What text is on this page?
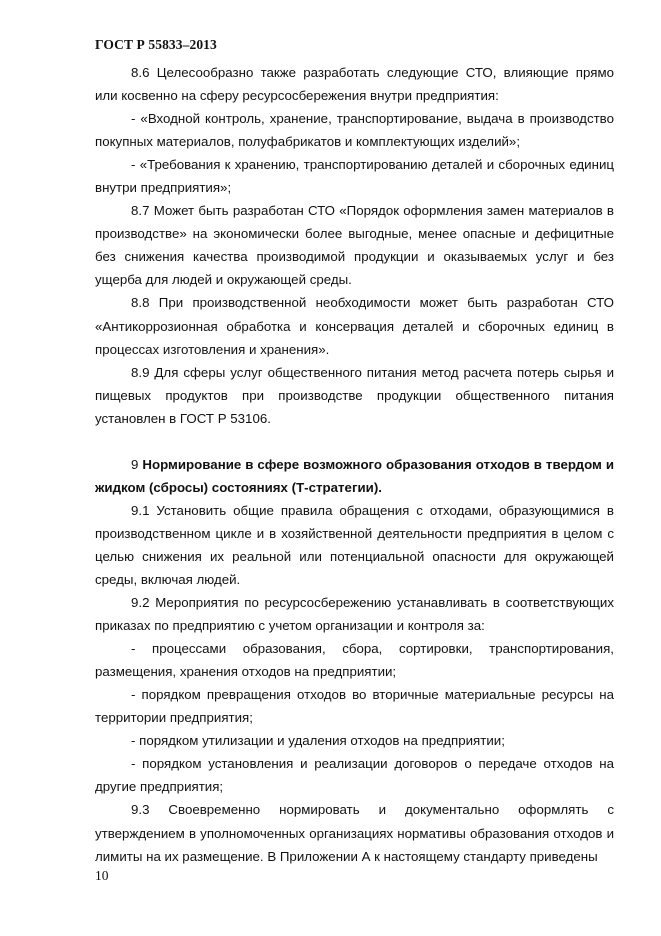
ГОСТ Р 55833–2013

8.6 Целесообразно также разработать следующие СТО, влияющие прямо или косвенно на сферу ресурсосбережения внутри предприятия:

- «Входной контроль, хранение, транспортирование, выдача в производство покупных материалов, полуфабрикатов и комплектующих изделий»;

- «Требования к хранению, транспортированию деталей и сборочных единиц внутри предприятия»;

8.7 Может быть разработан СТО «Порядок оформления замен материалов в производстве» на экономически более выгодные, менее опасные и дефицитные без снижения качества производимой продукции и оказываемых услуг и без ущерба для людей и окружающей среды.

8.8 При производственной необходимости может быть разработан СТО «Антикоррозионная обработка и консервация деталей и сборочных единиц в процессах изготовления и хранения».

8.9 Для сферы услуг общественного питания метод расчета потерь сырья и пищевых продуктов при производстве продукции общественного питания установлен в ГОСТ Р 53106.

9 Нормирование в сфере возможного образования отходов в твердом и жидком (сбросы) состояниях (Т-стратегии).

9.1 Установить общие правила обращения с отходами, образующимися в производственном цикле и в хозяйственной деятельности предприятия в целом с целью снижения их реальной или потенциальной опасности для окружающей среды, включая людей.

9.2 Мероприятия по ресурсосбережению устанавливать в соответствующих приказах по предприятию с учетом организации и контроля за:

- процессами образования, сбора, сортировки, транспортирования, размещения, хранения отходов на предприятии;

- порядком превращения отходов во вторичные материальные ресурсы на территории предприятия;

- порядком утилизации и удаления отходов на предприятии;

- порядком установления и реализации договоров о передаче отходов на другие предприятия;

9.3 Своевременно нормировать и документально оформлять с утверждением в уполномоченных организациях нормативы образования отходов и лимиты на их размещение. В Приложении А к настоящему стандарту приведены

10
